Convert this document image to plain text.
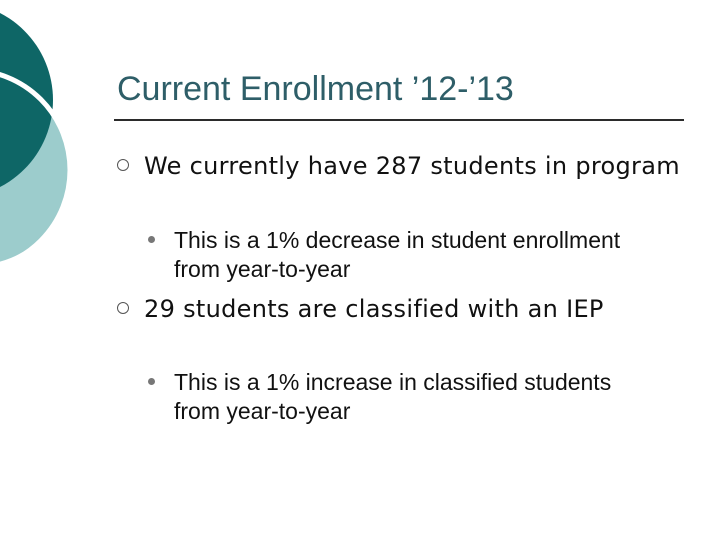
Current Enrollment ’12-’13
We currently have 287 students in program
This is a 1% decrease in student enrollment from year-to-year
29 students are classified with an IEP
This is a 1% increase in classified students from year-to-year
